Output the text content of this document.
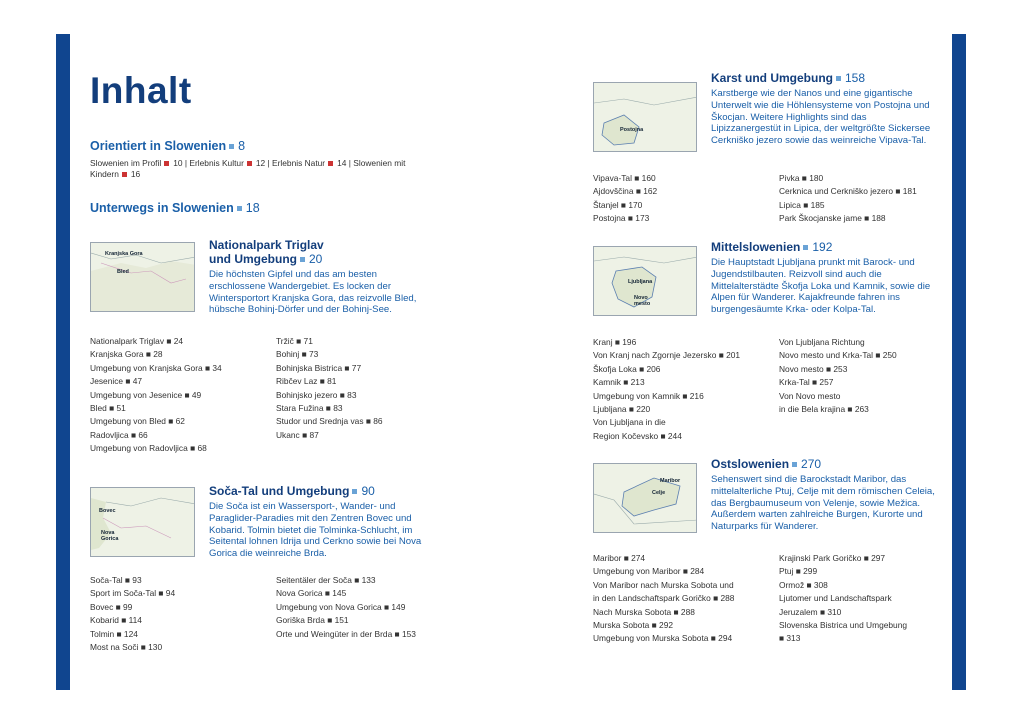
Inhalt
Orientiert in Slowenien 8
Slowenien im Profil 10 | Erlebnis Kultur 12 | Erlebnis Natur 14 | Slowenien mit Kindern 16
Unterwegs in Slowenien 18
Kranjska Gora
Bled
Nationalpark Triglav
und Umgebung 20
Die höchsten Gipfel und das am besten erschlossene Wandergebiet. Es locken der Wintersportort Kranjska Gora, das reizvolle Bled, hübsche Bohinj-Dörfer und der Bohinj-See.
Nationalpark Triglav ■ 24
Kranjska Gora ■ 28
Umgebung von Kranjska Gora ■ 34
Jesenice ■ 47
Umgebung von Jesenice ■ 49
Bled ■ 51
Umgebung von Bled ■ 62
Radovljica ■ 66
Umgebung von Radovljica ■ 68
Tržič ■ 71
Bohinj ■ 73
Bohinjska Bistrica ■ 77
Ribčev Laz ■ 81
Bohinjsko jezero ■ 83
Stara Fužina ■ 83
Studor und Srednja vas ■ 86
Ukanc ■ 87
Bovec
Nova Gorica
Soča-Tal und Umgebung 90
Die Soča ist ein Wassersport-, Wander- und Paraglider-Paradies mit den Zentren Bovec und Kobarid. Tolmin bietet die Tolminka-Schlucht, im Seitental lohnen Idrija und Cerkno sowie bei Nova Gorica die weinreiche Brda.
Soča-Tal ■ 93
Sport im Soča-Tal ■ 94
Bovec ■ 99
Kobarid ■ 114
Tolmin ■ 124
Most na Soči ■ 130
Seitentäler der Soča ■ 133
Nova Gorica ■ 145
Umgebung von Nova Gorica ■ 149
Goriška Brda ■ 151
Orte und Weingüter in der Brda ■ 153
Postojna
Karst und Umgebung 158
Karstberge wie der Nanos und eine gigantische Unterwelt wie die Höhlensysteme von Postojna und Škocjan. Weitere Highlights sind das Lipizzanergestüt in Lipica, der weltgrößte Sickersee Cerkniško jezero sowie das weinreiche Vipava-Tal.
Vipava-Tal ■ 160
Ajdovščina ■ 162
Štanjel ■ 170
Postojna ■ 173
Pivka ■ 180
Cerknica und Cerkniško jezero ■ 181
Lipica ■ 185
Park Škocjanske jame ■ 188
Ljubljana
Novo mesto
Mittelslowenien 192
Die Hauptstadt Ljubljana prunkt mit Barock- und Jugendstilbauten. Reizvoll sind auch die Mittelalterstädte Škofja Loka und Kamnik, sowie die Alpen für Wanderer. Kajakfreunde fahren ins burgengesäumte Krka- oder Kolpa-Tal.
Kranj ■ 196
Von Kranj nach Zgornje Jezersko ■ 201
Škofja Loka ■ 206
Kamnik ■ 213
Umgebung von Kamnik ■ 216
Ljubljana ■ 220
Von Ljubljana in die
Region Kočevsko ■ 244
Von Ljubljana Richtung
Novo mesto und Krka-Tal ■ 250
Novo mesto ■ 253
Krka-Tal ■ 257
Von Novo mesto
in die Bela krajina ■ 263
Maribor
Celje
Ostslowenien 270
Sehenswert sind die Barockstadt Maribor, das mittelalterliche Ptuj, Celje mit dem römischen Celeia, das Bergbaumuseum von Velenje, sowie Mežica. Außerdem warten zahlreiche Burgen, Kurorte und Naturparks für Wanderer.
Maribor ■ 274
Umgebung von Maribor ■ 284
Von Maribor nach Murska Sobota und
in den Landschaftspark Goričko ■ 288
Nach Murska Sobota ■ 288
Murska Sobota ■ 292
Umgebung von Murska Sobota ■ 294
Krajinski Park Goričko ■ 297
Ptuj ■ 299
Ormož ■ 308
Ljutomer und Landschaftspark
Jeruzalem ■ 310
Slovenska Bistrica und Umgebung
■ 313
